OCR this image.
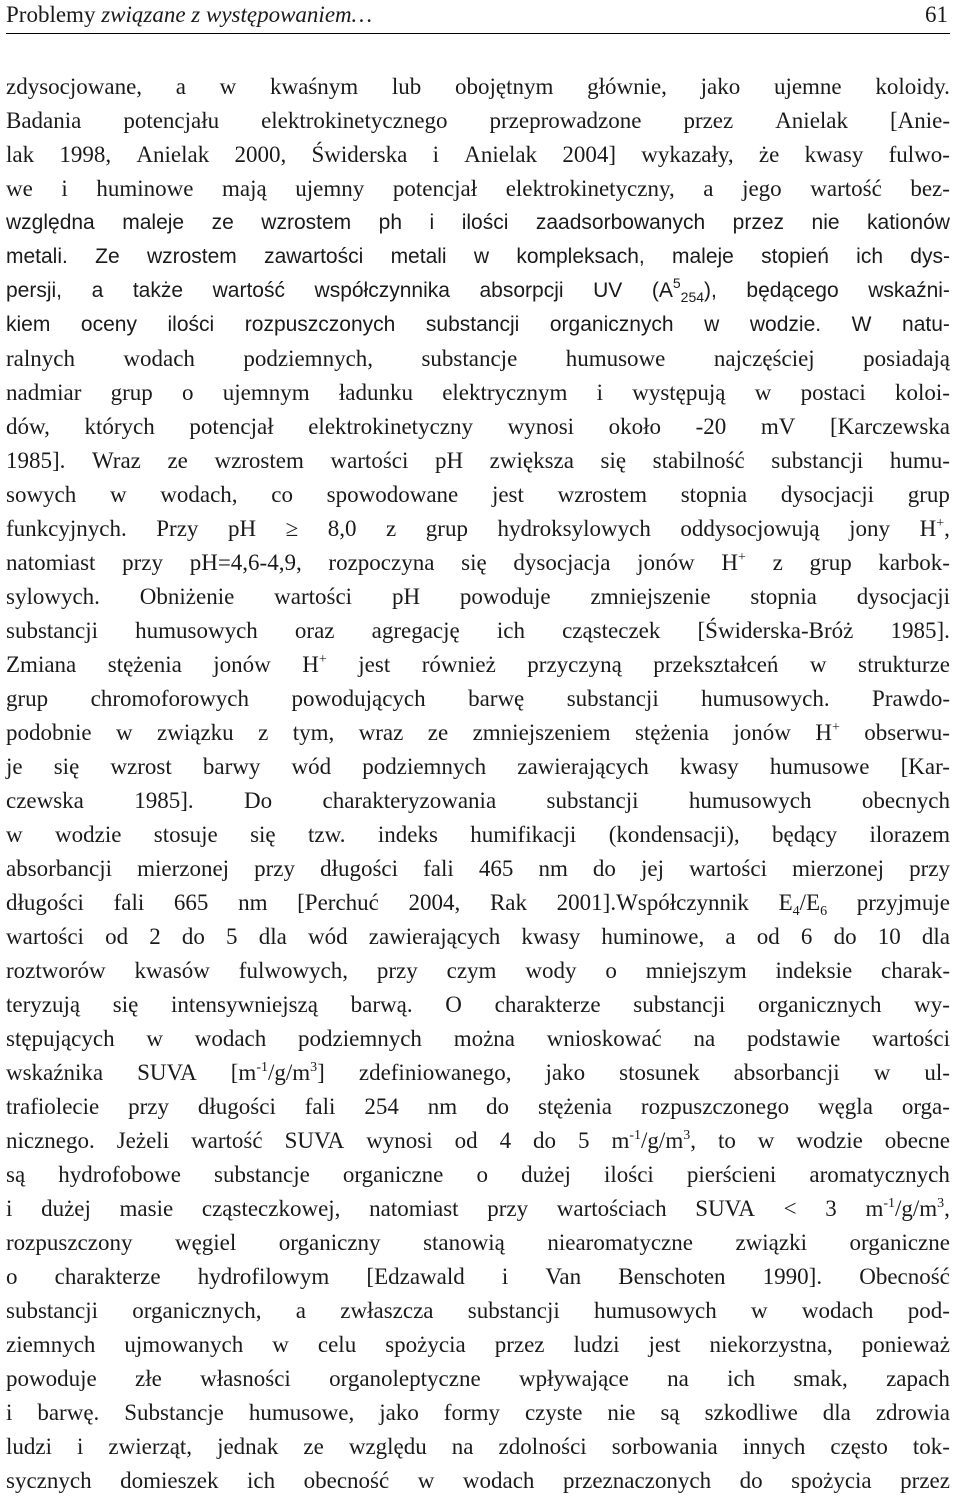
Problemy związane z występowaniem…	61
zdysocjowane, a w kwaśnym lub obojętnym głównie, jako ujemne koloidy.
Badania potencjału elektrokinetycznego przeprowadzone przez Anielak [Anie-
lak 1998, Anielak 2000, Świderska i Anielak 2004] wykazały, że kwasy fulwo-
we i huminowe mają ujemny potencjał elektrokinetyczny, a jego wartość bez-
względna maleje ze wzrostem ph i ilości zaadsorbowanych przez nie kationów
metali. Ze wzrostem zawartości metali w kompleksach, maleje stopień ich dys-
persji, a także wartość współczynnika absorpcji UV $(A^5_{254})$, będącego wskaźni-
kiem oceny ilości rozpuszczonych substancji organicznych w wodzie. W natu-
ralnych wodach podziemnych, substancje humusowe najczęściej posiadają
nadmiar grup o ujemnym ładunku elektrycznym i występują w postaci koloi-
dów, których potencjał elektrokinetyczny wynosi około -20 mV [Karczewska
1985]. Wraz ze wzrostem wartości pH zwiększa się stabilność substancji humu-
sowych w wodach, co spowodowane jest wzrostem stopnia dysocjacji grup
funkcyjnych. Przy pH ≥ 8,0 z grup hydroksylowych oddysocjowują jony H+,
natomiast przy pH=4,6-4,9, rozpoczyna się dysocjacja jonów H+ z grup karbok-
sylowych. Obniżenie wartości pH powoduje zmniejszenie stopnia dysocjacji
substancji humusowych oraz agregację ich cząsteczek [Świderska-Bróż 1985].
Zmiana stężenia jonów H+ jest również przyczyną przekształceń w strukturze
grup chromoforowych powodujących barwę substancji humusowych. Prawdo-
podobnie w związku z tym, wraz ze zmniejszeniem stężenia jonów H+ obserwu-
je się wzrost barwy wód podziemnych zawierających kwasy humusowe [Kar-
czewska 1985]. Do charakteryzowania substancji humusowych obecnych
w wodzie stosuje się tzw. indeks humifikacji (kondensacji), będący ilorazem
absorbancji mierzonej przy długości fali 465 nm do jej wartości mierzonej przy
długości fali 665 nm [Perchuć 2004, Rak 2001].Współczynnik $E_4/E_6$ przyjmuje
wartości od 2 do 5 dla wód zawierających kwasy huminowe, a od 6 do 10 dla
roztworów kwasów fulwowych, przy czym wody o mniejszym indeksie charak-
teryzują się intensywniejszą barwą. O charakterze substancji organicznych wy-
stępujących w wodach podziemnych można wnioskować na podstawie wartości
wskaźnika SUVA $[m^{-1}/g/m^3]$ zdefiniowanego, jako stosunek absorbancji w ul-
trafiolecie przy długości fali 254 nm do stężenia rozpuszczonego węgla orga-
nicznego. Jeżeli wartość SUVA wynosi od 4 do 5 $m^{-1}/g/m^3$, to w wodzie obecne
są hydrofobowe substancje organiczne o dużej ilości pierścieni aromatycznych
i dużej masie cząsteczkowej, natomiast przy wartościach SUVA < 3 $m^{-1}/g/m^3$,
rozpuszczony węgiel organiczny stanowią niearomatyczne związki organiczne
o charakterze hydrofilowym [Edzawald i Van Benschoten 1990]. Obecność
substancji organicznych, a zwłaszcza substancji humusowych w wodach pod-
ziemnych ujmowanych w celu spożycia przez ludzi jest niekorzystna, ponieważ
powoduje złe własności organoleptyczne wpływające na ich smak, zapach
i barwę. Substancje humusowe, jako formy czyste nie są szkodliwe dla zdrowia
ludzi i zwierząt, jednak ze względu na zdolności sorbowania innych często tok-
sycznych domieszek ich obecność w wodach przeznaczonych do spożycia przez
